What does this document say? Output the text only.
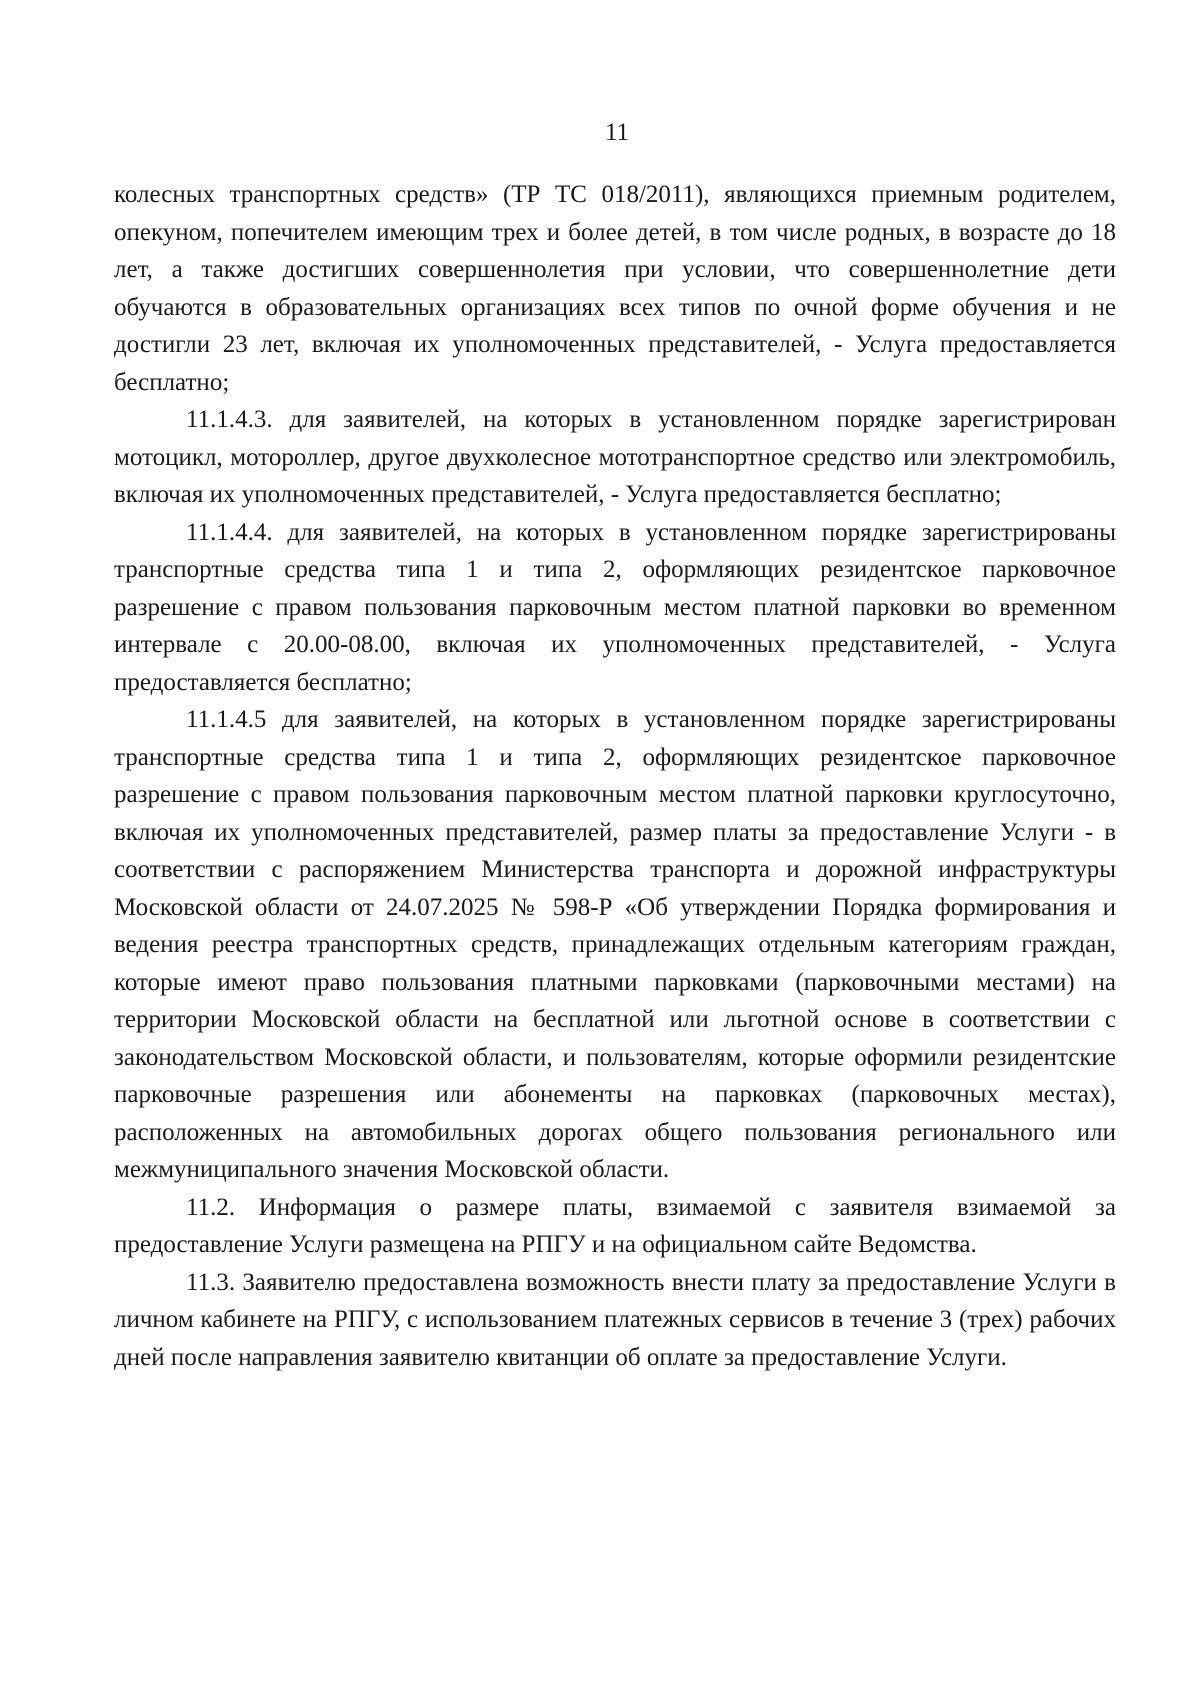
11

колесных транспортных средств» (ТР ТС 018/2011), являющихся приемным родителем, опекуном, попечителем имеющим трех и более детей, в том числе родных, в возрасте до 18 лет, а также достигших совершеннолетия при условии, что совершеннолетние дети обучаются в образовательных организациях всех типов по очной форме обучения и не достигли 23 лет, включая их уполномоченных представителей, - Услуга предоставляется бесплатно;

11.1.4.3. для заявителей, на которых в установленном порядке зарегистрирован мотоцикл, мотороллер, другое двухколесное мототранспортное средство или электромобиль, включая их уполномоченных представителей, - Услуга предоставляется бесплатно;

11.1.4.4. для заявителей, на которых в установленном порядке зарегистрированы транспортные средства типа 1 и типа 2, оформляющих резидентское парковочное разрешение с правом пользования парковочным местом платной парковки во временном интервале с 20.00-08.00, включая их уполномоченных представителей, - Услуга предоставляется бесплатно;

11.1.4.5 для заявителей, на которых в установленном порядке зарегистрированы транспортные средства типа 1 и типа 2, оформляющих резидентское парковочное разрешение с правом пользования парковочным местом платной парковки круглосуточно, включая их уполномоченных представителей, размер платы за предоставление Услуги - в соответствии с распоряжением Министерства транспорта и дорожной инфраструктуры Московской области от 24.07.2025 № 598-Р «Об утверждении Порядка формирования и ведения реестра транспортных средств, принадлежащих отдельным категориям граждан, которые имеют право пользования платными парковками (парковочными местами) на территории Московской области на бесплатной или льготной основе в соответствии с законодательством Московской области, и пользователям, которые оформили резидентские парковочные разрешения или абонементы на парковках (парковочных местах), расположенных на автомобильных дорогах общего пользования регионального или межмуниципального значения Московской области.

11.2. Информация о размере платы, взимаемой с заявителя взимаемой за предоставление Услуги размещена на РПГУ и на официальном сайте Ведомства.

11.3. Заявителю предоставлена возможность внести плату за предоставление Услуги в личном кабинете на РПГУ, с использованием платежных сервисов в течение 3 (трех) рабочих дней после направления заявителю квитанции об оплате за предоставление Услуги.
